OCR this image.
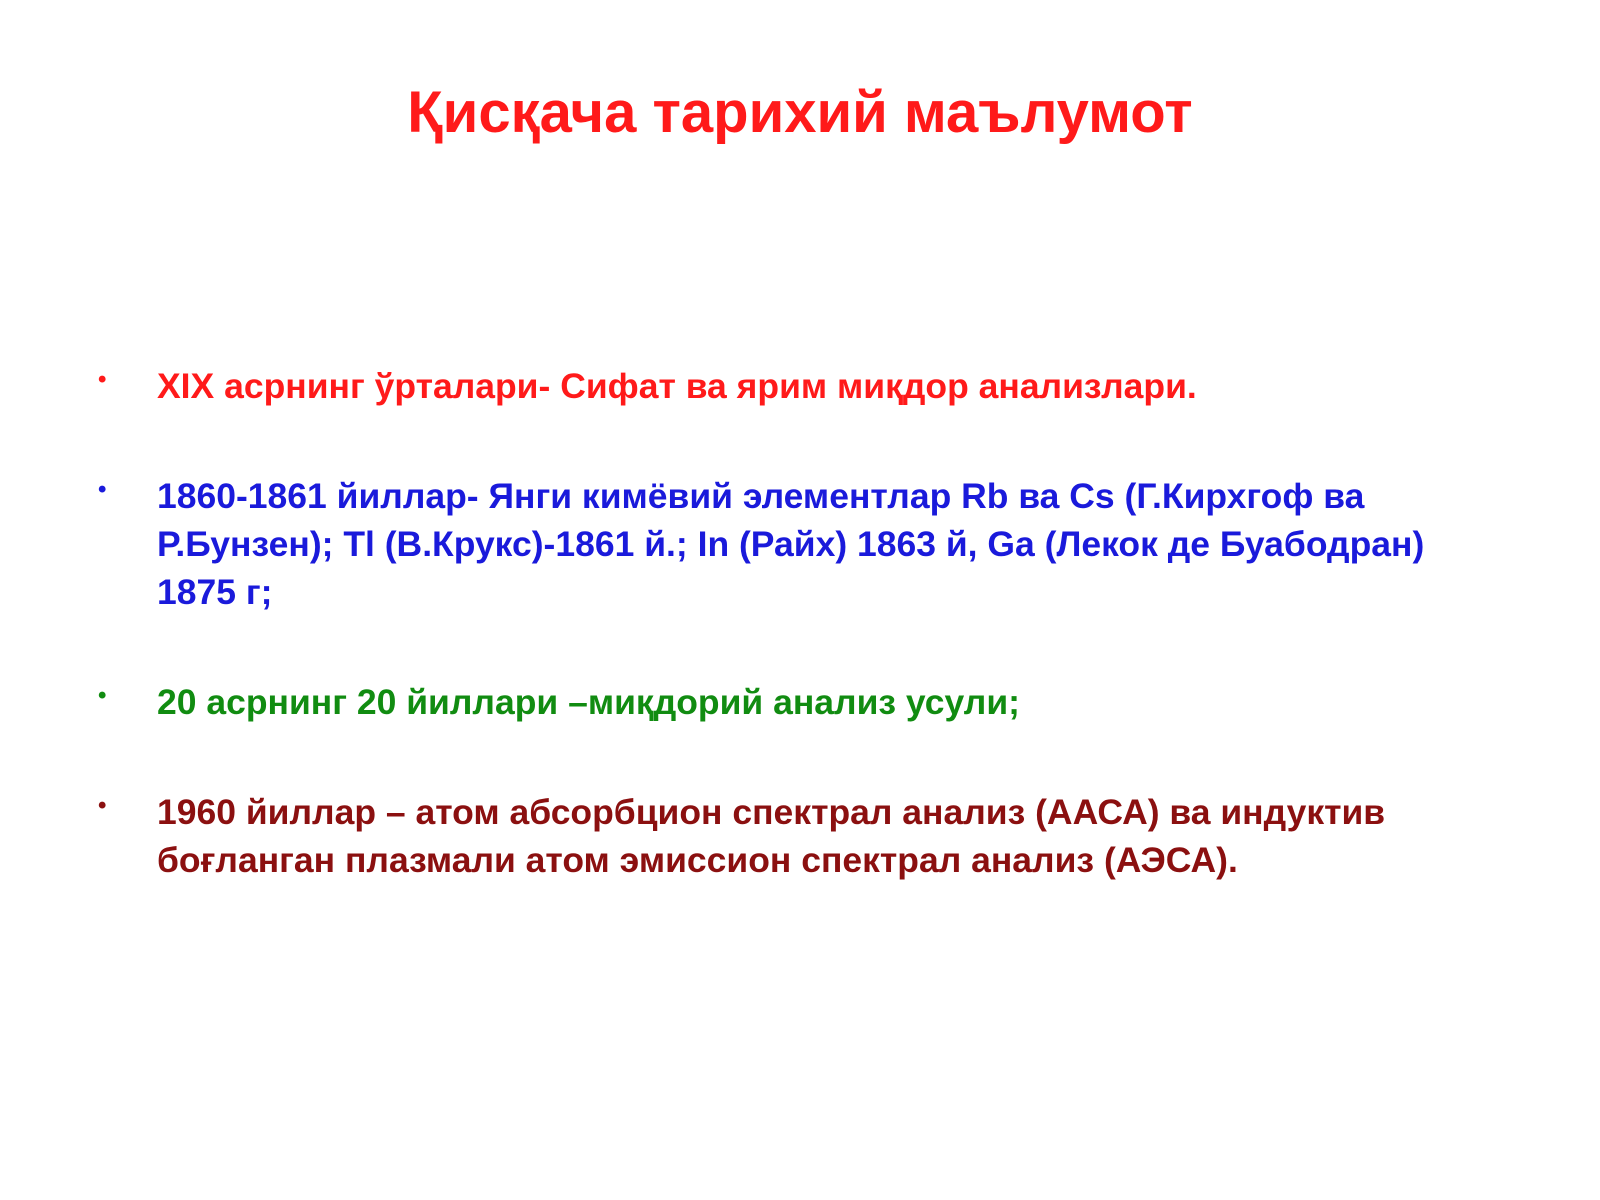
Қисқача тарихий маълумот
• XIX асрнинг ўрталари- Сифат ва ярим миқдор анализлари.
• 1860-1861 йиллар- Янги кимёвий элементлар Rb ва Cs (Г.Кирхгоф ва Р.Бунзен); Tl (В.Крукс)-1861 й.; In (Райх) 1863 й, Ga (Лекок де Буабодран) 1875 г;
• 20 асрнинг 20 йиллари –миқдорий анализ усули;
• 1960 йиллар – атом абсорбцион спектрал анализ (ААСА) ва индуктив боғланган плазмали атом эмиссион спектрал анализ (АЭСА).
